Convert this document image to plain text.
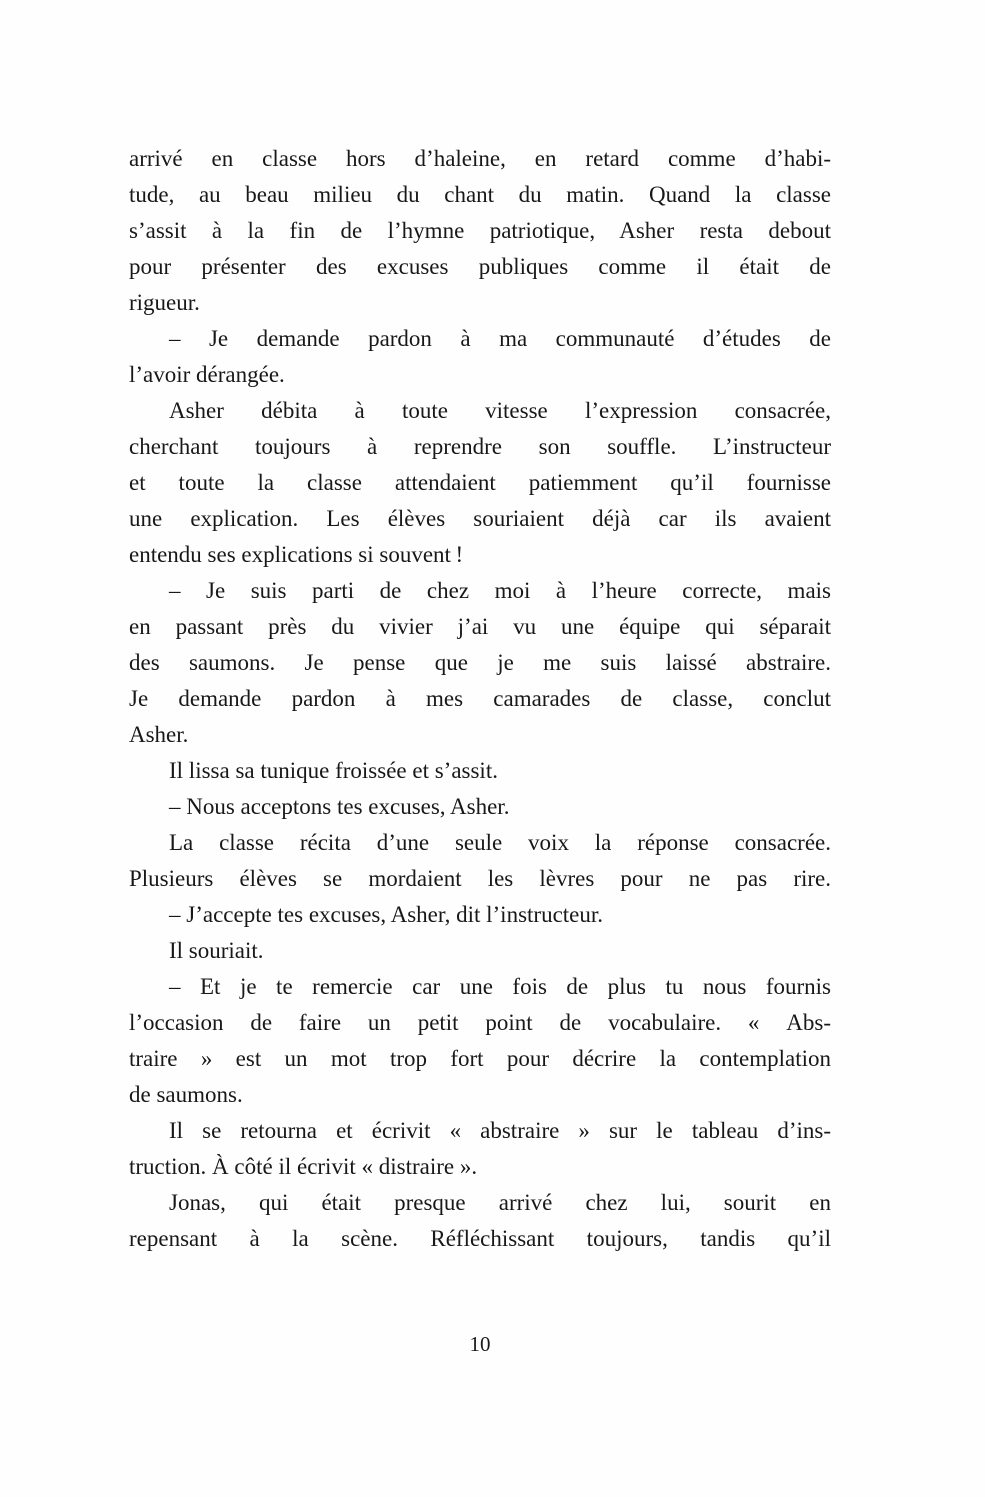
arrivé en classe hors d’haleine, en retard comme d’habi-
tude, au beau milieu du chant du matin. Quand la classe
s’assit à la fin de l’hymne patriotique, Asher resta debout
pour présenter des excuses publiques comme il était de
rigueur.
– Je demande pardon à ma communauté d’études de
l’avoir dérangée.
Asher débita à toute vitesse l’expression consacrée,
cherchant toujours à reprendre son souffle. L’instructeur
et toute la classe attendaient patiemment qu’il fournisse
une explication. Les élèves souriaient déjà car ils avaient
entendu ses explications si souvent !
– Je suis parti de chez moi à l’heure correcte, mais
en passant près du vivier j’ai vu une équipe qui séparait
des saumons. Je pense que je me suis laissé abstraire.
Je demande pardon à mes camarades de classe, conclut
Asher.
Il lissa sa tunique froissée et s’assit.
– Nous acceptons tes excuses, Asher.
La classe récita d’une seule voix la réponse consacrée.
Plusieurs élèves se mordaient les lèvres pour ne pas rire.
– J’accepte tes excuses, Asher, dit l’instructeur.
Il souriait.
– Et je te remercie car une fois de plus tu nous fournis
l’occasion de faire un petit point de vocabulaire. « Abs-
traire » est un mot trop fort pour décrire la contemplation
de saumons.
Il se retourna et écrivit « abstraire » sur le tableau d’ins-
truction. À côté il écrivit « distraire ».
Jonas, qui était presque arrivé chez lui, sourit en
repensant à la scène. Réfléchissant toujours, tandis qu’il
10
